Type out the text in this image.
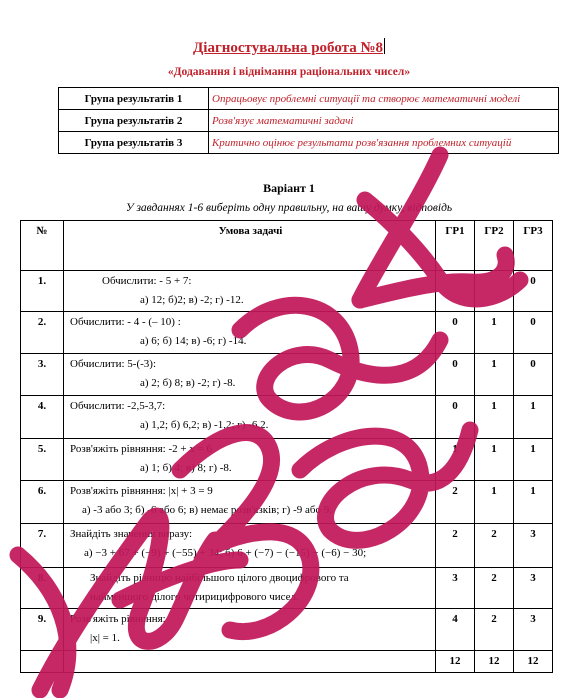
Діагностувальна робота №8
«Додавання і віднімання раціональних чисел»
Група результатів 1	Опрацьовує проблемні ситуації та створює математичні моделі
Група результатів 2	Розв'язує математичні задачі
Група результатів 3	Критично оцінює результати розв'язання проблемних ситуацій
Варіант 1
У завданнях 1-6 виберіть одну правильну, на вашу думку, відповідь
№	Умова задачі	ГР1	ГР2	ГР3
1.	Обчислити: - 5 + 7:
а) 12; б)2; в) -2; г) -12.			0
2.	Обчислити: - 4 - (– 10) :
а) 6; б) 14; в) -6; г) -14.	0	1	0
3.	Обчислити: 5-(-3):
а) 2; б) 8; в) -2; г) -8.	0	1	0
4.	Обчислити: -2,5-3,7:
а) 1,2; б) 6,2; в) -1,2; г) -6,2.	0	1	1
5.	Розв'яжіть рівняння: -2 + x = 6
а) 1; б) 4; в) 8; г) -8.	1	1	1
6.	Розв'яжіть рівняння: |x| + 3 = 9
а) -3 або 3; б) -6 або 6; в) немає розв'язків; г) -9 або 9.	2	1	1
7.	Знайдіть значення виразу:
а) −3 + 67 + (−9) + (−55) + 34; б) 6 + (−7) − (−15) − (−6) − 30;	2	2	3
8.	Знайдіть різницю найбільшого цілого двоцифрового та
найменшого цілого чотирицифрового чисел.	3	2	3
9.	Розв'яжіть рівняння:
|x| = 1.	4	2	3
		12	12	12
